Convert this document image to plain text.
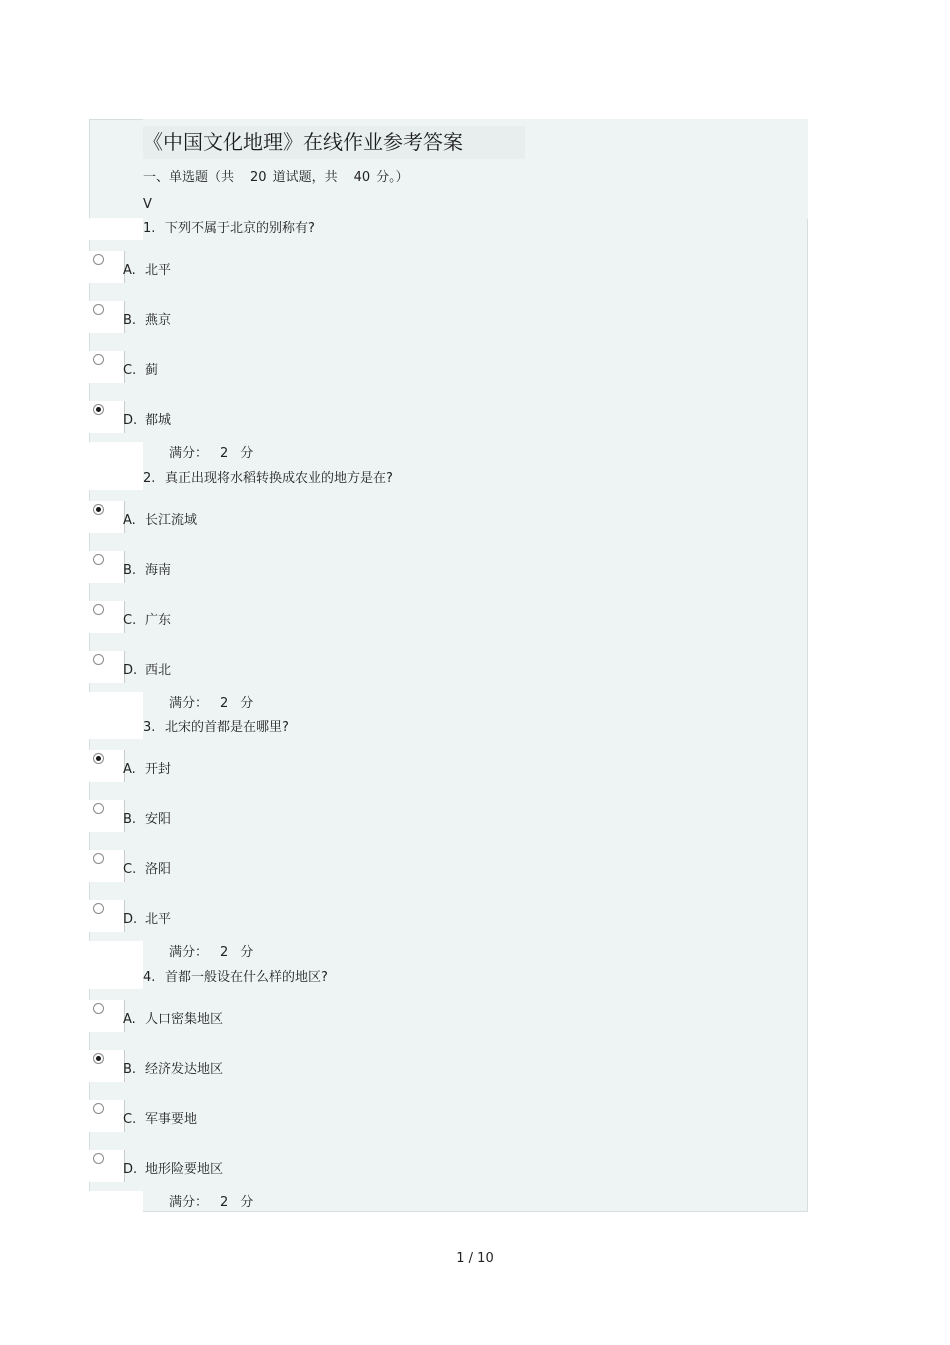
《中国文化地理》在线作业参考答案
一、单选题（共 20 道试题，共 40 分。）
V
1. 下列不属于北京的别称有?
A. 北平
B. 燕京
C. 蓟
D. 都城
满分： 2 分
2. 真正出现将水稻转换成农业的地方是在?
A. 长江流域
B. 海南
C. 广东
D. 西北
满分： 2 分
3. 北宋的首都是在哪里?
A. 开封
B. 安阳
C. 洛阳
D. 北平
满分： 2 分
4. 首都一般设在什么样的地区?
A. 人口密集地区
B. 经济发达地区
C. 军事要地
D. 地形险要地区
满分： 2 分
1 / 10
